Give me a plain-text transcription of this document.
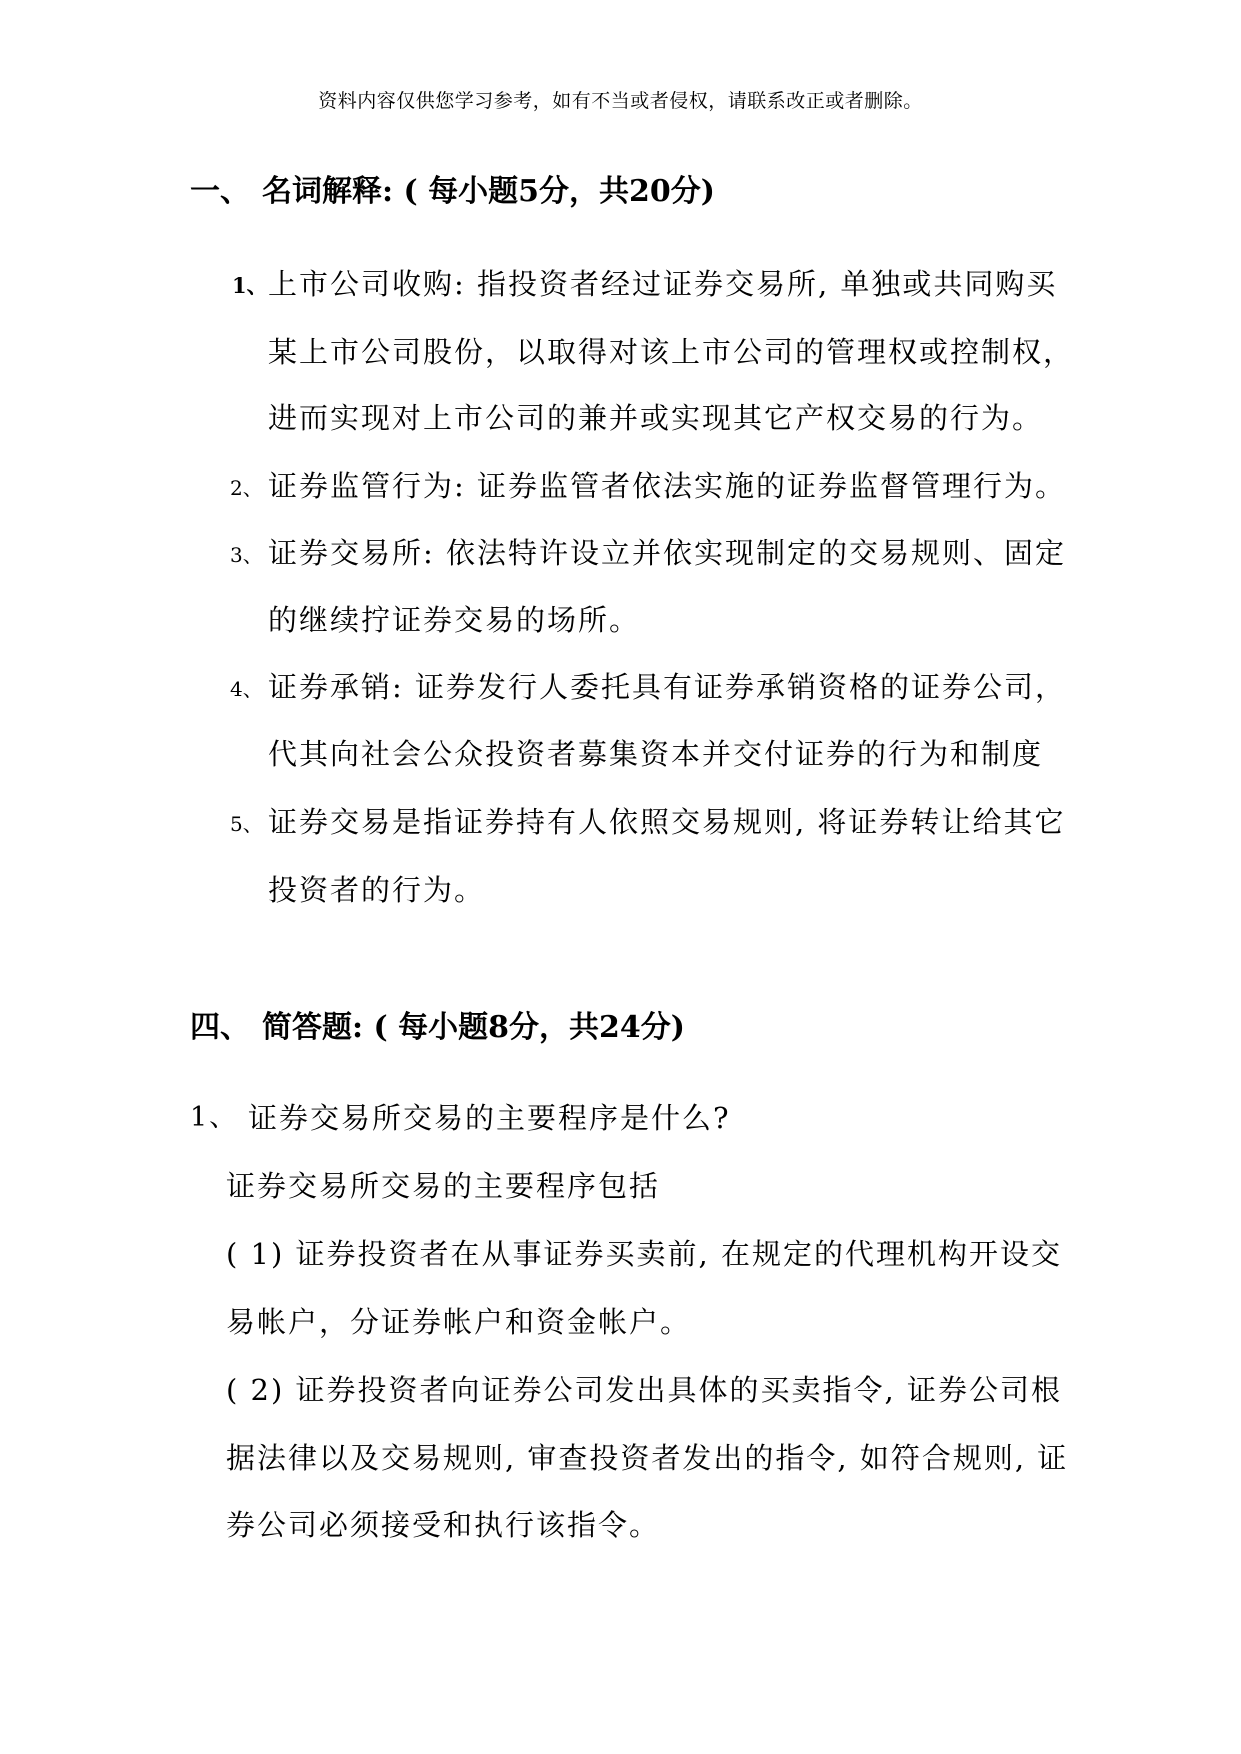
资料内容仅供您学习参考，如有不当或者侵权，请联系改正或者删除。
一、 名词解释: ( 每小题5分，共20分)
1、 上市公司收购: 指投资者经过证券交易所, 单独或共同购买
某上市公司股份，以取得对该上市公司的管理权或控制权，
进而实现对上市公司的兼并或实现其它产权交易的行为。
2、 证券监管行为: 证券监管者依法实施的证券监督管理行为。
3、 证券交易所: 依法特许设立并依实现制定的交易规则、固定
的继续拧证券交易的场所。
4、 证券承销: 证券发行人委托具有证券承销资格的证券公司，
代其向社会公众投资者募集资本并交付证券的行为和制度
5、 证券交易是指证券持有人依照交易规则, 将证券转让给其它
投资者的行为。
四、 简答题: ( 每小题8分，共24分)
1、 证券交易所交易的主要程序是什么?
证券交易所交易的主要程序包括
( 1) 证券投资者在从事证券买卖前, 在规定的代理机构开设交
易帐户，分证券帐户和资金帐户。
( 2) 证券投资者向证券公司发出具体的买卖指令, 证券公司根
据法律以及交易规则, 审查投资者发出的指令, 如符合规则, 证
券公司必须接受和执行该指令。
